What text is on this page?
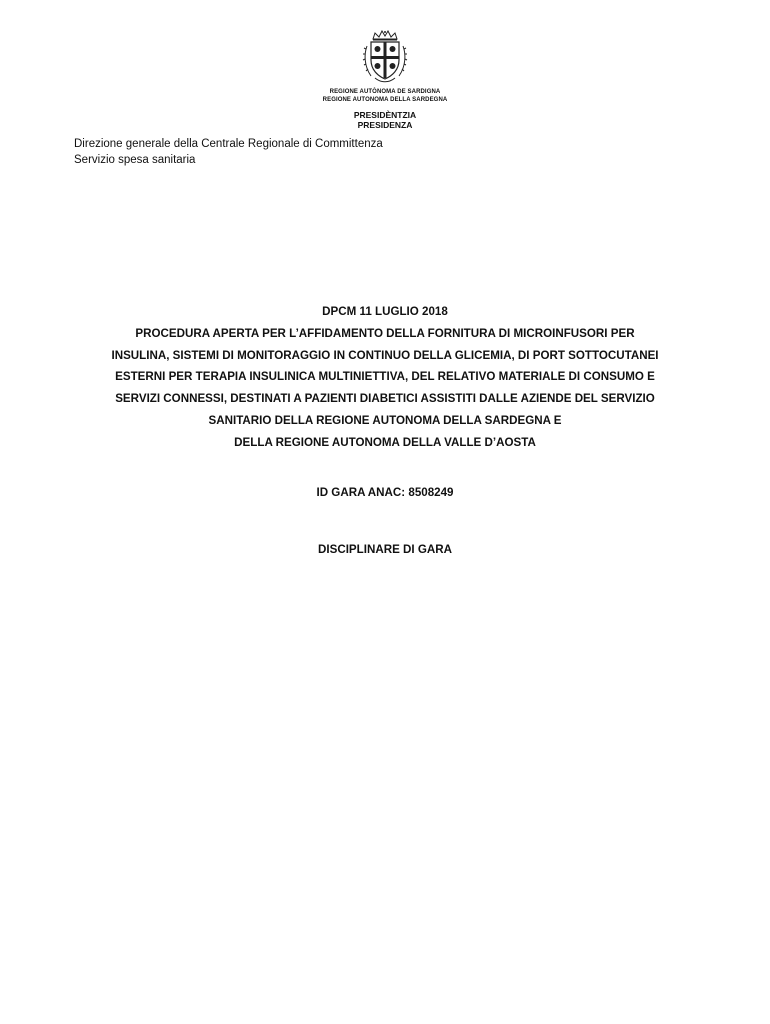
REGIONE AUTÒNOMA DE SARDIGNA
REGIONE AUTONOMA DELLA SARDEGNA
PRESIDÈNTZIA
PRESIDENZA
Direzione generale della Centrale Regionale di Committenza
Servizio spesa sanitaria
DPCM 11 LUGLIO 2018
PROCEDURA APERTA PER L’AFFIDAMENTO DELLA FORNITURA DI MICROINFUSORI PER
INSULINA, SISTEMI DI MONITORAGGIO IN CONTINUO DELLA GLICEMIA, DI PORT SOTTOCUTANEI
ESTERNI PER TERAPIA INSULINICA MULTINIETTIVA, DEL RELATIVO MATERIALE DI CONSUMO E
SERVIZI CONNESSI, DESTINATI A PAZIENTI DIABETICI ASSISTITI DALLE AZIENDE DEL SERVIZIO
SANITARIO DELLA REGIONE AUTONOMA DELLA SARDEGNA E
DELLA REGIONE AUTONOMA DELLA VALLE D’AOSTA
ID GARA ANAC: 8508249
DISCIPLINARE DI GARA
